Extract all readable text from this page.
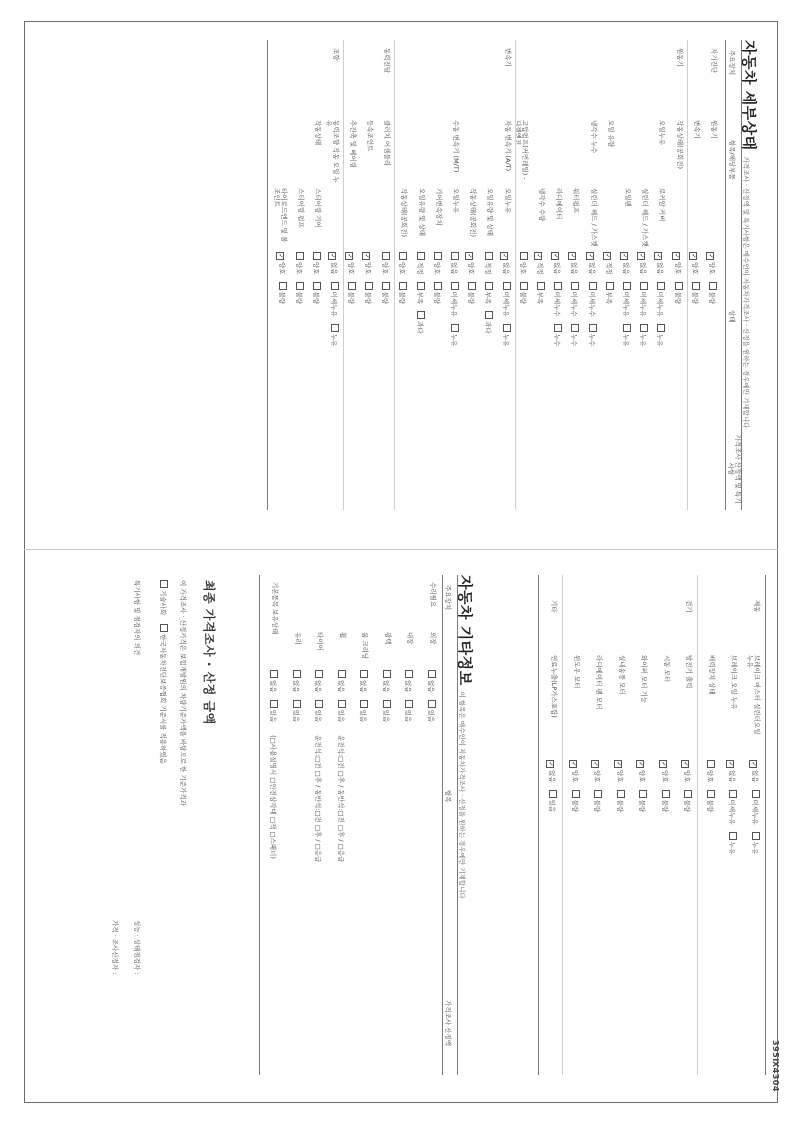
395Ⅸ4304
자동차 세부상태가격조사 · 산정액 및 특기사항은 매수인이 자동차가격조사 · 산정을 원하는 경우에만 기재합니다
주요장치
항목/해당부품
상태
가격조사 산정액 및 특기사항
자기진단
원동기
✓양호불량
변속기
✓양호불량
원동기
작동상태(공회전)
✓양호불량
오일누유
로커암 커버
✓없음미세누유누유
실린더 헤드 / 가스켓
✓없음미세누유누유
오일팬
✓없음미세누유누유
오일 유량
✓적정부족
냉각수 누수
실린더 헤드 / 가스켓
✓없음미세누수누수
워터펌프
✓없음미세누수누수
라디에이터
✓없음미세누수누수
냉각수 수량
✓적정부족
고압펌프(커먼레일) - 디젤엔진
양호불량
변속기
자동 변속기 (A/T)
오일누유
✓없음미세누유누유
오일유량 및 상태
적정부족과다
작동상태(공회전)
✓양호불량
수동 변속기 (M/T)
오일누유
없음미세누유누유
기어변속장치
양호불량
오일유량 및 상태
적정부족과다
작동상태(공회전)
양호불량
동력전달
클러치 어셈블리
양호불량
등속조인트
✓양호불량
추진축 및 베어링
✓양호불량
조향
동력조향 작동 오일 누유
✓없음미세누유누유
작동상태
스티어링 기어
양호불량
스티어링 펌프
양호불량
타이로드엔드 및 볼 조인트
✓양호불량
제동
브레이크 마스터 실린더오일 누유
✓없음미세누유누유
브레이크 오일 누유
✓없음미세누유누유
배력장치 상태
양호불량
전기
발전기 출력
✓양호불량
시동 모터
✓양호불량
와이퍼 모터 기능
✓양호불량
실내송풍 모터
✓양호불량
라디에이터 팬 모터
✓양호불량
윈도우 모터
✓양호불량
기타
연료누출(LP가스포함)
✓없음있음
자동차 기타정보이 항목은 매수인이 자동차가격조사 · 산정을 원하는 경우에만 기재합니다
주요장치
항목
가격조사 산정액
수리필요
외장
없음있음
내장
없음있음
광택
없음있음
룸 크리닝
없음있음
휠
없음있음운전석:□전 □후 / 동반석:□전 □후 / □응급
타이어
없음있음운전석:□전 □후 / 동반석:□전 □후 / □응급
유리
없음있음
기본품목 보유상태
없음있음(□사용설명서 □안전삼각대 □잭 □스패너)
최종 가격조사 · 산정 금액
이 가격조사 · 산정가격은 보험개발원의 차량기준가액을 바탕으로 한 기준가격과
기술사회 한국자동차진단보증협회 기준서를 적용하였음
특기사항 및 점검자의 의견
성능 · 상태점검자 :
가격 · 조사산정자 :
